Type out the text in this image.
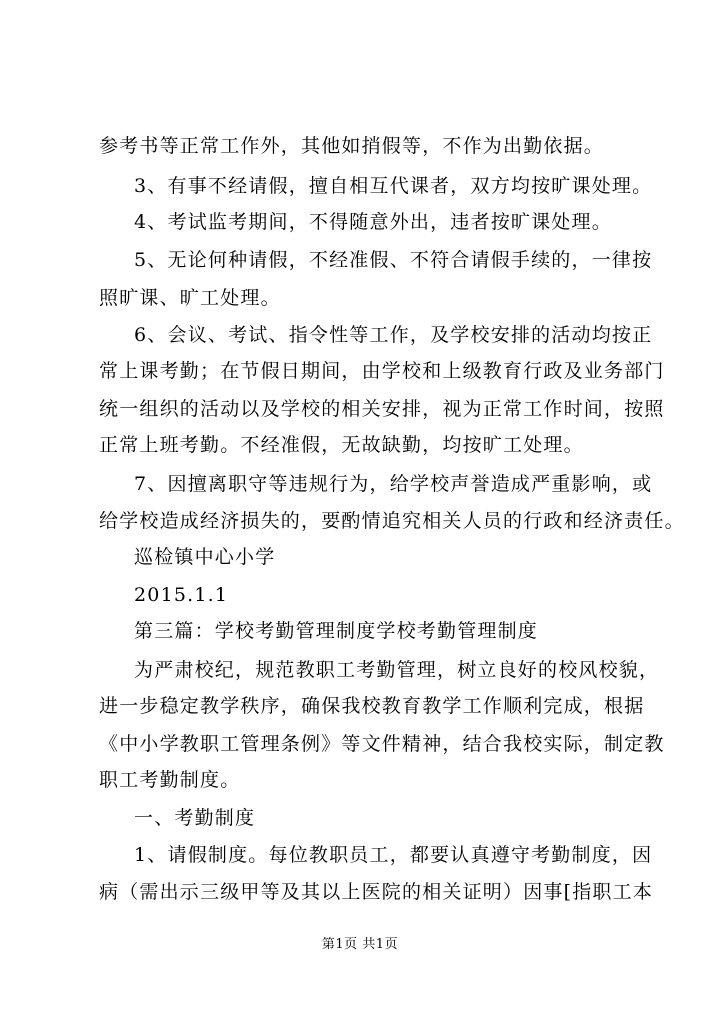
参考书等正常工作外，其他如捎假等，不作为出勤依据。
3、有事不经请假，擅自相互代课者，双方均按旷课处理。
4、考试监考期间，不得随意外出，违者按旷课处理。
5、无论何种请假，不经准假、不符合请假手续的，一律按
照旷课、旷工处理。
6、会议、考试、指令性等工作，及学校安排的活动均按正
常上课考勤；在节假日期间，由学校和上级教育行政及业务部门
统一组织的活动以及学校的相关安排，视为正常工作时间，按照
正常上班考勤。不经准假，无故缺勤，均按旷工处理。
7、因擅离职守等违规行为，给学校声誉造成严重影响，或
给学校造成经济损失的，要酌情追究相关人员的行政和经济责任。
巡检镇中心小学
2015.1.1
第三篇：学校考勤管理制度学校考勤管理制度
为严肃校纪，规范教职工考勤管理，树立良好的校风校貌，
进一步稳定教学秩序，确保我校教育教学工作顺利完成，根据
《中小学教职工管理条例》等文件精神，结合我校实际，制定教
职工考勤制度。
一、考勤制度
1、请假制度。每位教职员工，都要认真遵守考勤制度，因
病（需出示三级甲等及其以上医院的相关证明）因事[指职工本
第1页 共1页
